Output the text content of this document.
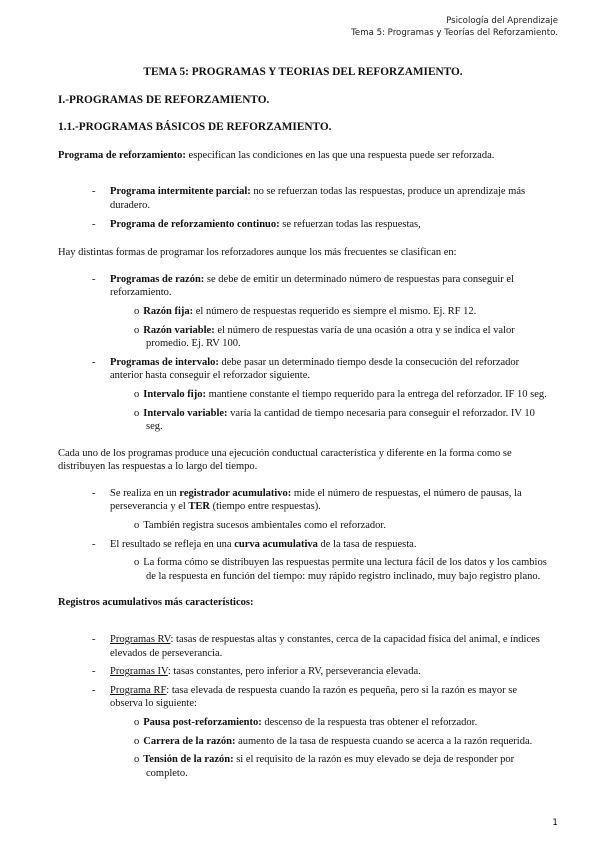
Psicología del Aprendizaje
Tema 5: Programas y Teorías del Reforzamiento.
TEMA 5: PROGRAMAS Y TEORIAS DEL REFORZAMIENTO.
I.-PROGRAMAS DE REFORZAMIENTO.
1.1.-PROGRAMAS BÁSICOS DE REFORZAMIENTO.

Programa de reforzamiento: especifican las condiciones en las que una respuesta puede ser reforzada.

- Programa intermitente parcial: no se refuerzan todas las respuestas, produce un aprendizaje más duradero.
- Programa de reforzamiento continuo: se refuerzan todas las respuestas,

Hay distintas formas de programar los reforzadores aunque los más frecuentes se clasifican en:

- Programas de razón: se debe de emitir un determinado número de respuestas para conseguir el reforzamiento.
o Razón fija: el número de respuestas requerido es siempre el mismo. Ej. RF 12.
o Razón variable: el número de respuestas varía de una ocasión a otra y se indica el valor promedio. Ej. RV 100.
- Programas de intervalo: debe pasar un determinado tiempo desde la consecución del reforzador anterior hasta conseguir el reforzador siguiente.
o Intervalo fijo: mantiene constante el tiempo requerido para la entrega del reforzador. IF 10 seg.
o Intervalo variable: varía la cantidad de tiempo necesaria para conseguir el reforzador. IV 10 seg.

Cada uno de los programas produce una ejecución conductual característica y diferente en la forma como se distribuyen las respuestas a lo largo del tiempo.

- Se realiza en un registrador acumulativo: mide el número de respuestas, el número de pausas, la perseverancia y el TER (tiempo entre respuestas).
o También registra sucesos ambientales como el reforzador.
- El resultado se refleja en una curva acumulativa de la tasa de respuesta.
o La forma cómo se distribuyen las respuestas permite una lectura fácil de los datos y los cambios de la respuesta en función del tiempo: muy rápido registro inclinado, muy bajo registro plano.

Registros acumulativos más característicos:

- Programas RV: tasas de respuestas altas y constantes, cerca de la capacidad física del animal, e índices elevados de perseverancia.
- Programas IV: tasas constantes, pero inferior a RV, perseverancia elevada.
- Programa RF: tasa elevada de respuesta cuando la razón es pequeña, pero si la razón es mayor se observa lo siguiente:
o Pausa post-reforzamiento: descenso de la respuesta tras obtener el reforzador.
o Carrera de la razón: aumento de la tasa de respuesta cuando se acerca a la razón requerida.
o Tensión de la razón: si el requisito de la razón es muy elevado se deja de responder por completo.
1
